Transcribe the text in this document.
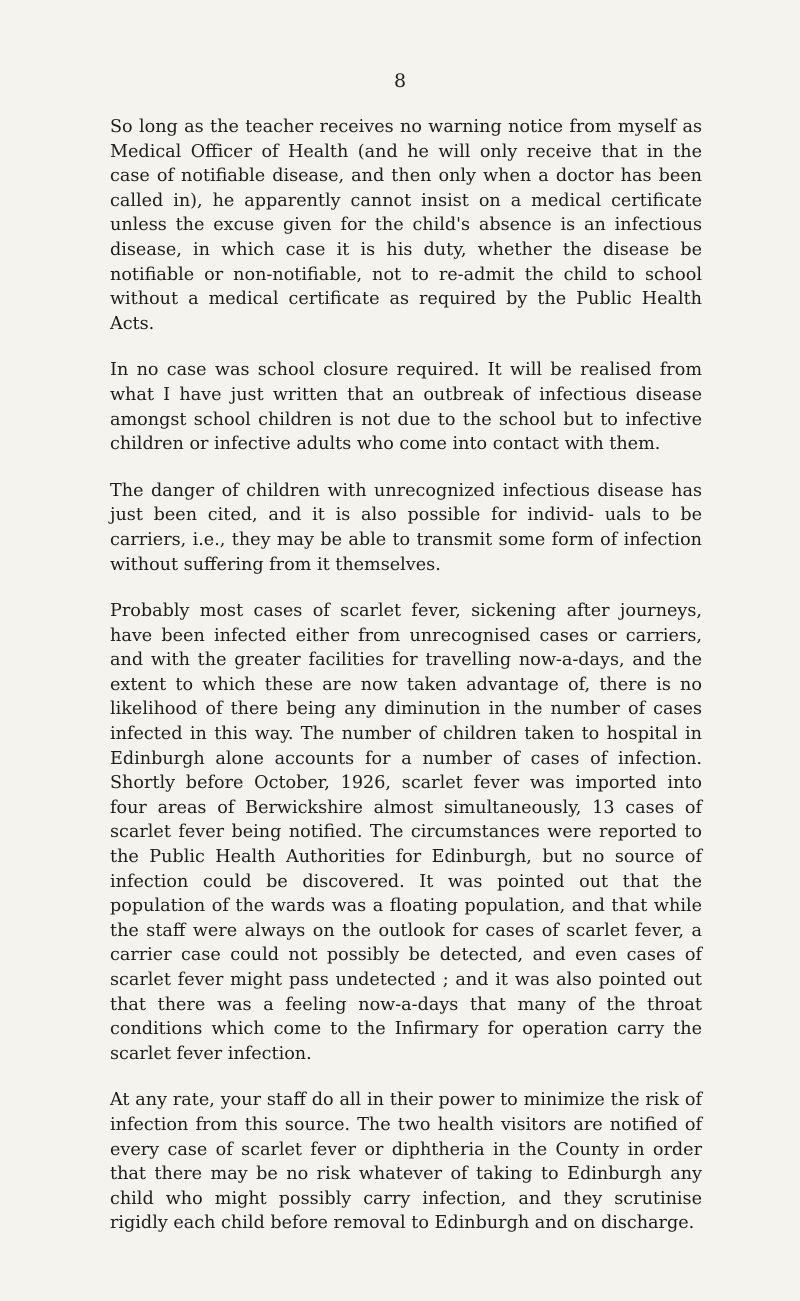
8

So long as the teacher receives no warning notice from myself as Medical Officer of Health (and he will only receive that in the case of notifiable disease, and then only when a doctor has been called in), he apparently cannot insist on a medical certificate unless the excuse given for the child's absence is an infectious disease, in which case it is his duty, whether the disease be notifiable or non-notifiable, not to re-admit the child to school without a medical certificate as required by the Public Health Acts.

In no case was school closure required. It will be realised from what I have just written that an outbreak of infectious disease amongst school children is not due to the school but to infective children or infective adults who come into contact with them.

The danger of children with unrecognized infectious disease has just been cited, and it is also possible for individ- uals to be carriers, i.e., they may be able to transmit some form of infection without suffering from it themselves.

Probably most cases of scarlet fever, sickening after journeys, have been infected either from unrecognised cases or carriers, and with the greater facilities for travelling now-a-days, and the extent to which these are now taken advantage of, there is no likelihood of there being any diminution in the number of cases infected in this way. The number of children taken to hospital in Edinburgh alone accounts for a number of cases of infection. Shortly before October, 1926, scarlet fever was imported into four areas of Berwickshire almost simultaneously, 13 cases of scarlet fever being notified. The circumstances were reported to the Public Health Authorities for Edinburgh, but no source of infection could be discovered. It was pointed out that the population of the wards was a floating population, and that while the staff were always on the outlook for cases of scarlet fever, a carrier case could not possibly be detected, and even cases of scarlet fever might pass undetected ; and it was also pointed out that there was a feeling now-a-days that many of the throat conditions which come to the Infirmary for operation carry the scarlet fever infection.

At any rate, your staff do all in their power to minimize the risk of infection from this source. The two health visitors are notified of every case of scarlet fever or diphtheria in the County in order that there may be no risk whatever of taking to Edinburgh any child who might possibly carry infection, and they scrutinise rigidly each child before removal to Edinburgh and on discharge.
